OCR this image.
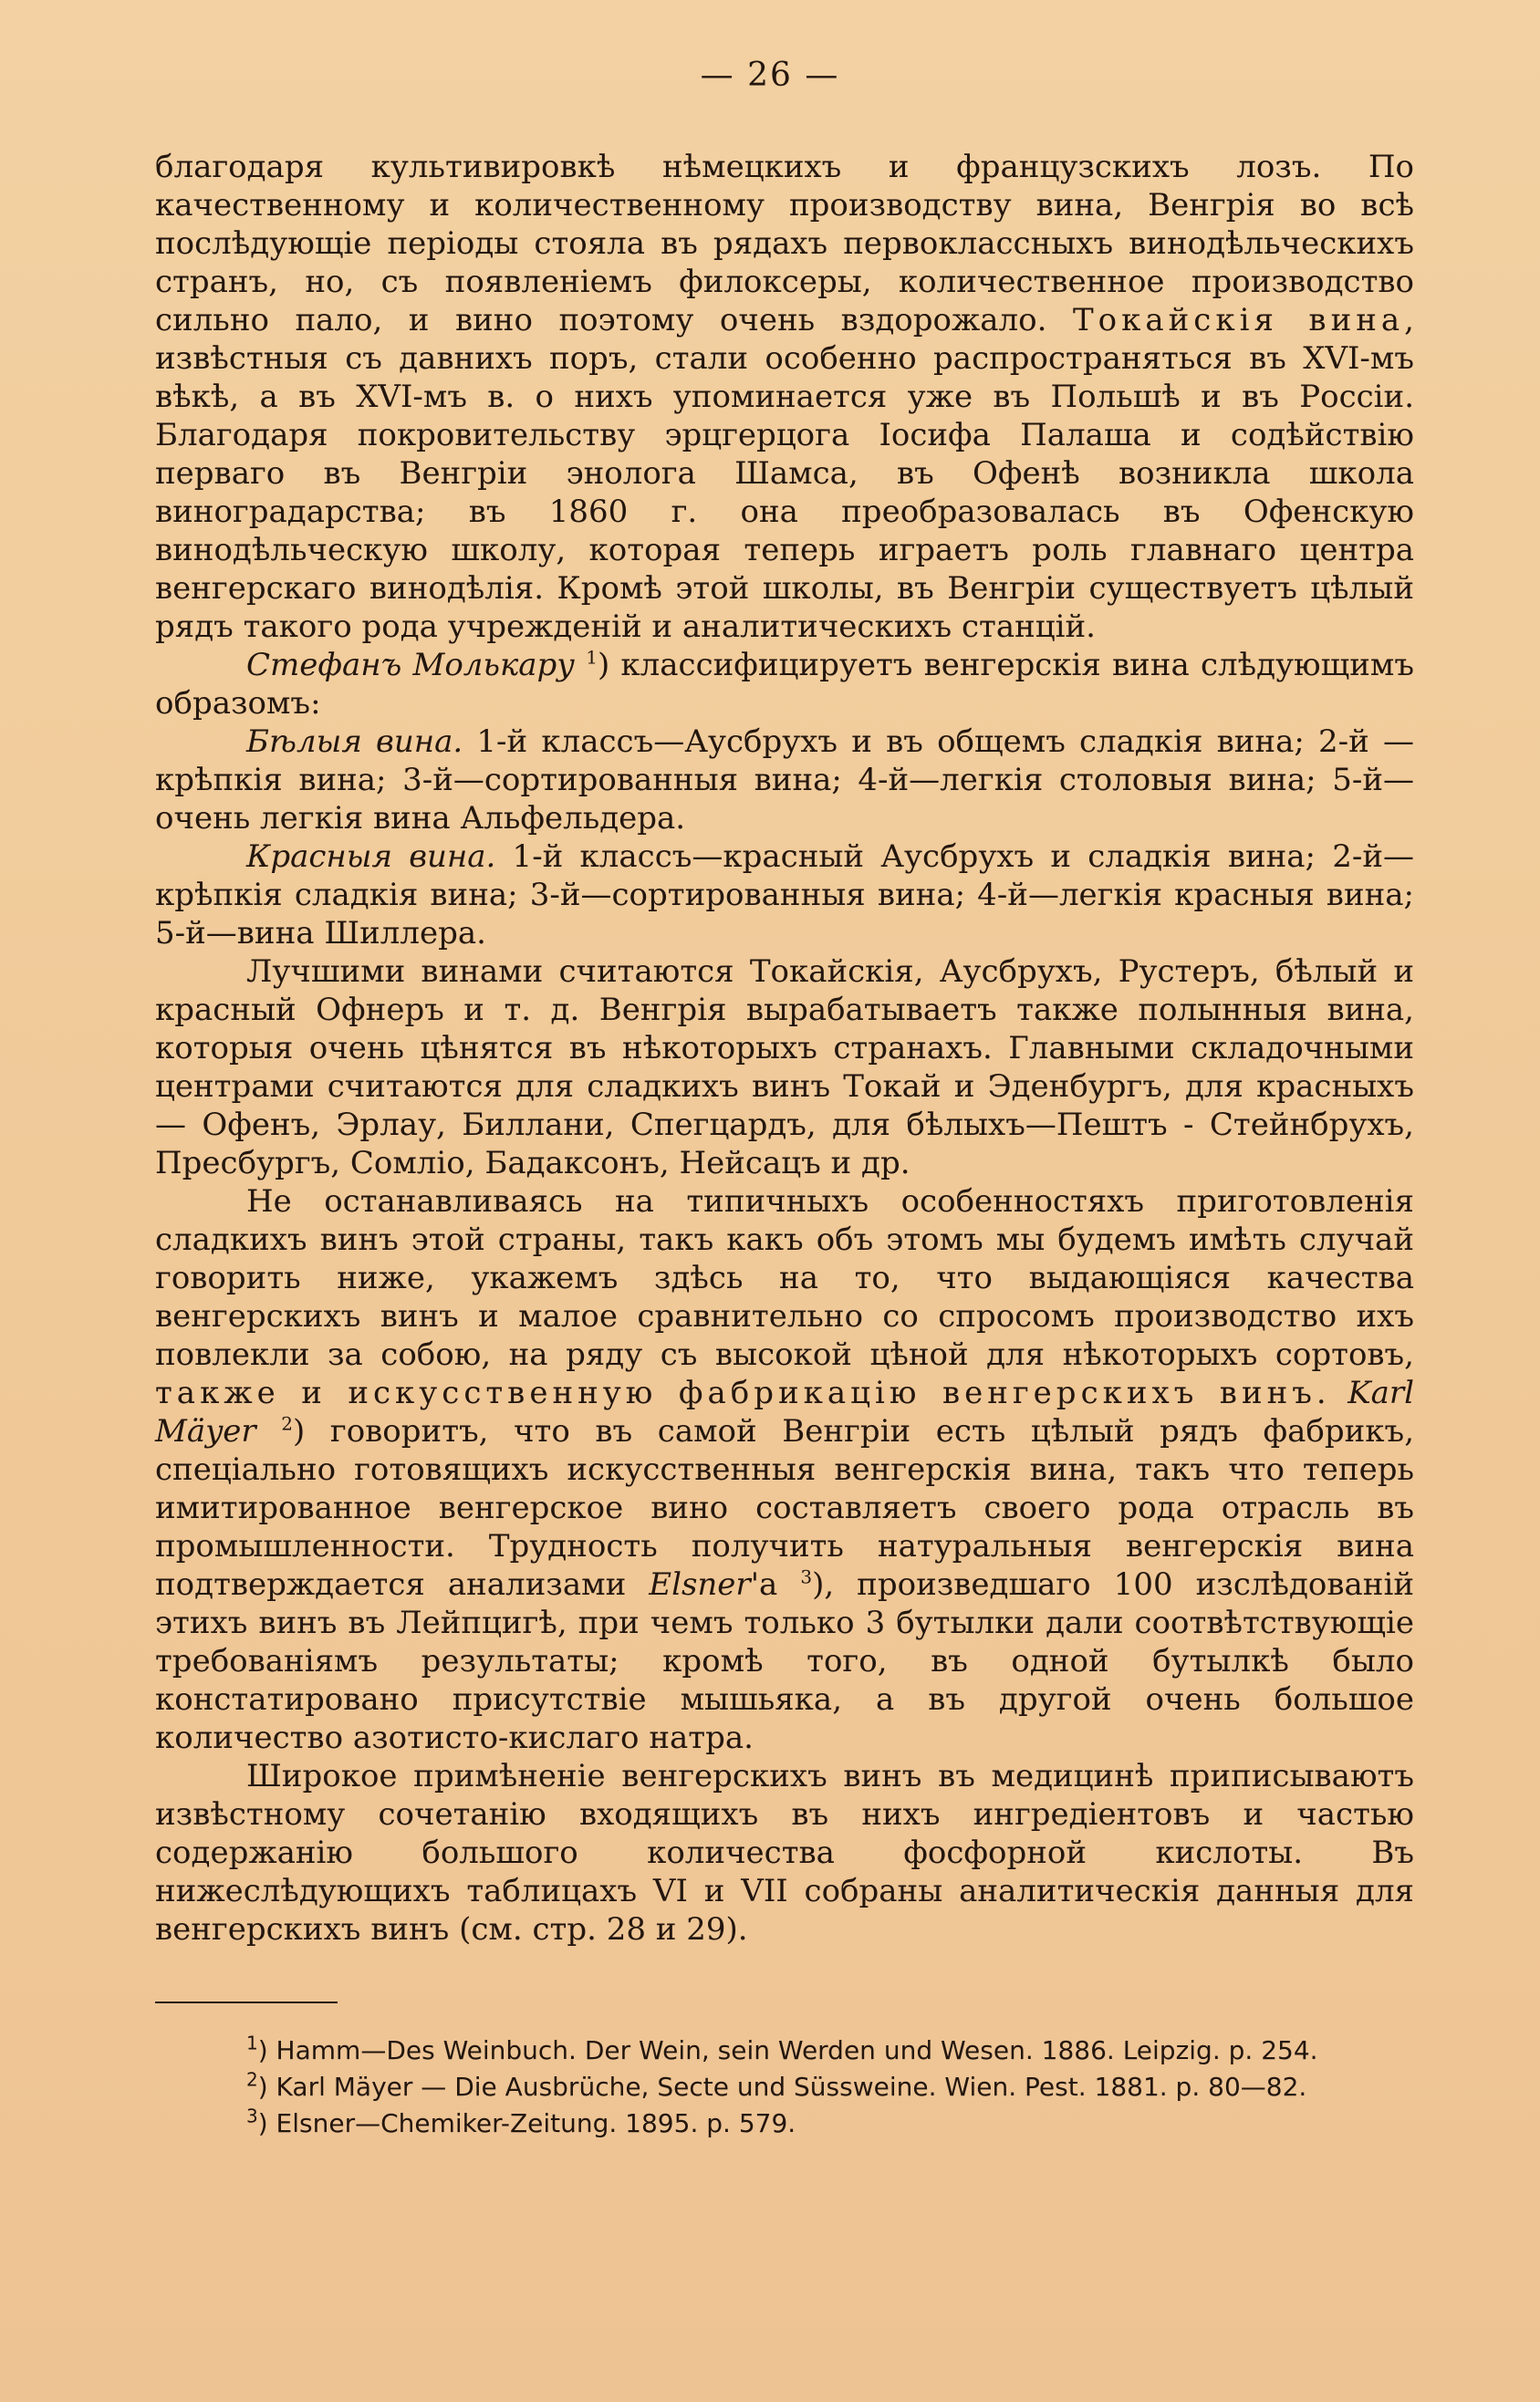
— 26 —

благодаря культивировкѣ нѣмецкихъ и французскихъ лозъ. По качественному и количественному производству вина, Венгрія во всѣ послѣдующіе періоды стояла въ рядахъ первоклассныхъ винодѣльческихъ странъ, но, съ появленіемъ филоксеры, количественное производство сильно пало, и вино поэтому очень вздорожало. Токайскія вина, извѣстныя съ давнихъ поръ, стали особенно распространяться въ XVI-мъ вѣкѣ, а въ XVI-мъ в. о нихъ упоминается уже въ Польшѣ и въ Россіи. Благодаря покровительству эрцгерцога Іосифа Палаша и содѣйствію перваго въ Венгріи энолога Шамса, въ Офенѣ возникла школа виноградарства; въ 1860 г. она преобразовалась въ Офенскую винодѣльческую школу, которая теперь играетъ роль главнаго центра венгерскаго винодѣлія. Кромѣ этой школы, въ Венгріи существуетъ цѣлый рядъ такого рода учрежденій и аналитическихъ станцій.

Стефанъ Молькару $^1$) классифицируетъ венгерскія вина слѣдующимъ образомъ:

Бѣлыя вина. 1-й классъ—Аусбрухъ и въ общемъ сладкія вина; 2-й —крѣпкія вина; 3-й—сортированныя вина; 4-й—легкія столовыя вина; 5-й—очень легкія вина Альфельдера.

Красныя вина. 1-й классъ—красный Аусбрухъ и сладкія вина; 2-й—крѣпкія сладкія вина; 3-й—сортированныя вина; 4-й—легкія красныя вина; 5-й—вина Шиллера.

Лучшими винами считаются Токайскія, Аусбрухъ, Рустеръ, бѣлый и красный Офнеръ и т. д. Венгрія вырабатываетъ также полынныя вина, которыя очень цѣнятся въ нѣкоторыхъ странахъ. Главными складочными центрами считаются для сладкихъ винъ Токай и Эденбургъ, для красныхъ — Офенъ, Эрлау, Биллани, Спегцардъ, для бѣлыхъ—Пештъ - Стейнбрухъ, Пресбургъ, Сомліо, Бадаксонъ, Нейсацъ и др.

Не останавливаясь на типичныхъ особенностяхъ приготовленія сладкихъ винъ этой страны, такъ какъ объ этомъ мы будемъ имѣть случай говорить ниже, укажемъ здѣсь на то, что выдающіяся качества венгерскихъ винъ и малое сравнительно со спросомъ производство ихъ повлекли за собою, на ряду съ высокой цѣной для нѣкоторыхъ сортовъ, также и искусственную фабрикацію венгерскихъ винъ. Karl Mäyer $^2$) говоритъ, что въ самой Венгріи есть цѣлый рядъ фабрикъ, спеціально готовящихъ искусственныя венгерскія вина, такъ что теперь имитированное венгерское вино составляетъ своего рода отрасль въ промышленности. Трудность получить натуральныя венгерскія вина подтверждается анализами Elsner'а $^3$), произведшаго 100 изслѣдованій этихъ винъ въ Лейпцигѣ, при чемъ только 3 бутылки дали соотвѣтствующіе требованіямъ результаты; кромѣ того, въ одной бутылкѣ было констатировано присутствіе мышьяка, а въ другой очень большое количество азотисто-кислаго натра.

Широкое примѣненіе венгерскихъ винъ въ медицинѣ приписываютъ извѣстному сочетанію входящихъ въ нихъ ингредіентовъ и частью содержанію большого количества фосфорной кислоты. Въ нижеслѣдующихъ таблицахъ VI и VII собраны аналитическія данныя для венгерскихъ винъ (см. стр. 28 и 29).

$^1$) Hamm—Des Weinbuch. Der Wein, sein Werden und Wesen. 1886. Leipzig. p. 254.

$^2$) Karl Mäyer — Die Ausbrüche, Secte und Süssweine. Wien. Pest. 1881. p. 80—82.

$^3$) Elsner—Chemiker-Zeitung. 1895. p. 579.
